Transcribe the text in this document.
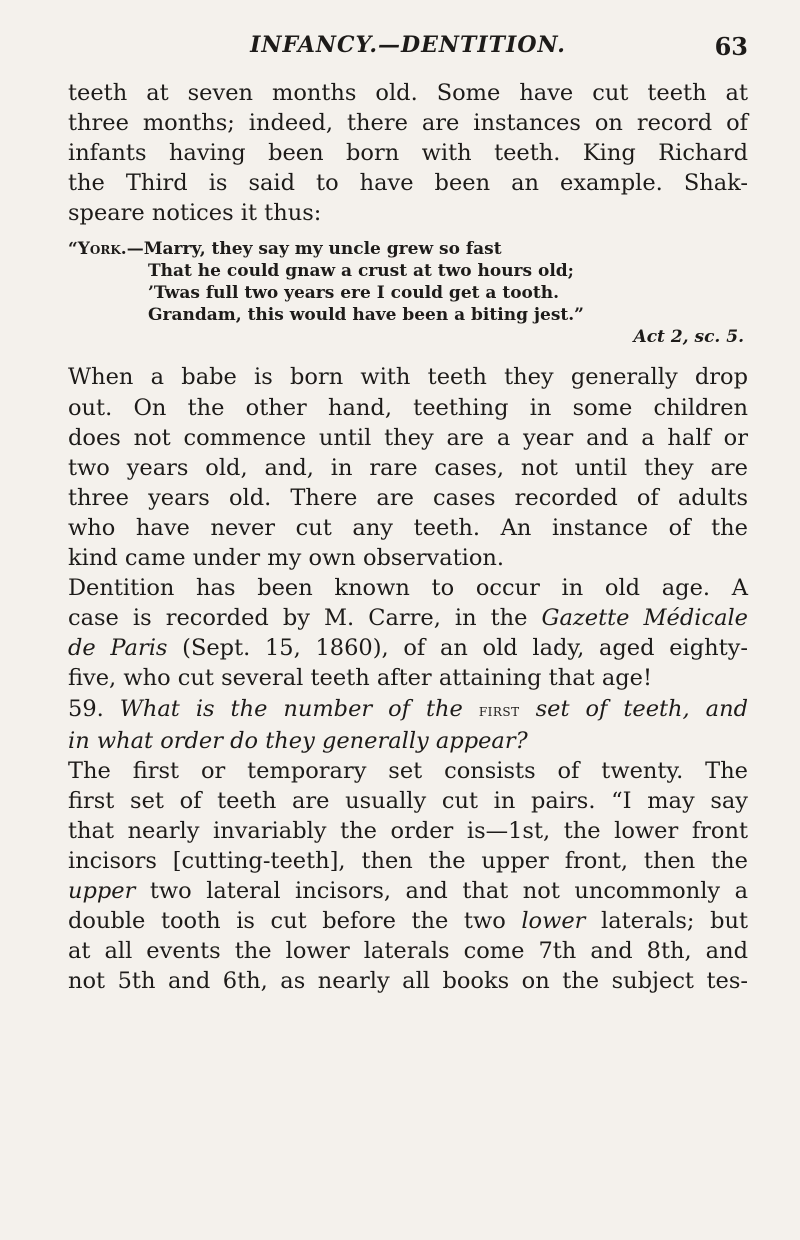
INFANCY.—DENTITION.	63

teeth at seven months old. Some have cut teeth at
three months; indeed, there are instances on record of
infants having been born with teeth. King Richard
the Third is said to have been an example. Shak-
speare notices it thus:

“York.—Marry, they say my uncle grew so fast
That he could gnaw a crust at two hours old;
’Twas full two years ere I could get a tooth.
Grandam, this would have been a biting jest.”
Act 2, sc. 5.

When a babe is born with teeth they generally drop
out. On the other hand, teething in some children
does not commence until they are a year and a half or
two years old, and, in rare cases, not until they are
three years old. There are cases recorded of adults
who have never cut any teeth. An instance of the
kind came under my own observation.

Dentition has been known to occur in old age. A
case is recorded by M. Carre, in the Gazette Médicale
de Paris (Sept. 15, 1860), of an old lady, aged eighty-
five, who cut several teeth after attaining that age!

59. What is the number of the first set of teeth, and
in what order do they generally appear?

The first or temporary set consists of twenty. The
first set of teeth are usually cut in pairs. “I may say
that nearly invariably the order is—1st, the lower front
incisors [cutting-teeth], then the upper front, then the
upper two lateral incisors, and that not uncommonly a
double tooth is cut before the two lower laterals; but
at all events the lower laterals come 7th and 8th, and
not 5th and 6th, as nearly all books on the subject tes-
